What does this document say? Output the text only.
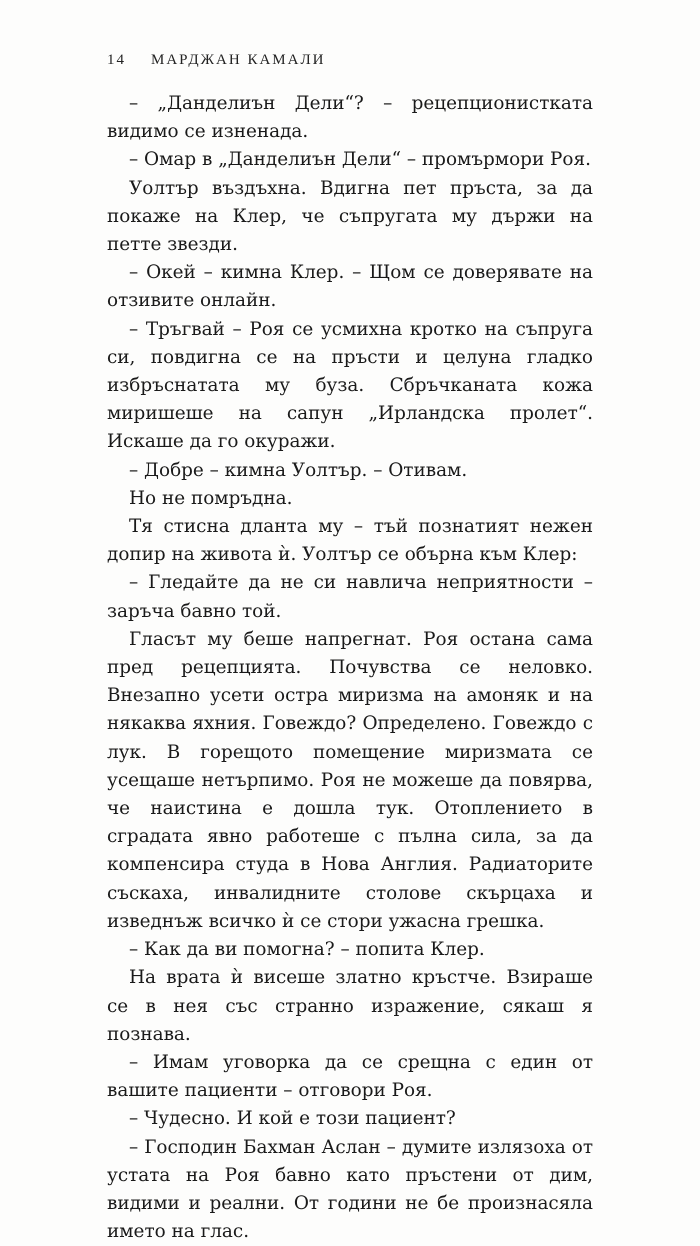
14 МАРДЖАН КАМАЛИ

– „Данделиън Дели“? – рецепционистката видимо се изненада.

– Омар в „Данделиън Дели“ – промърмори Роя.

Уолтър въздъхна. Вдигна пет пръста, за да покаже на Клер, че съпругата му държи на петте звезди.

– Окей – кимна Клер. – Щом се доверявате на отзивите онлайн.

– Тръгвай – Роя се усмихна кротко на съпруга си, повдигна се на пръсти и целуна гладко избръснатата му буза. Сбръчканата кожа миришеше на сапун „Ирландска пролет“. Искаше да го окуражи.

– Добре – кимна Уолтър. – Отивам.

Но не помръдна.

Тя стисна дланта му – тъй познатият нежен допир на живота ѝ. Уолтър се обърна към Клер:

– Гледайте да не си навлича неприятности – заръча бавно той.

Гласът му беше напрегнат. Роя остана сама пред рецепцията. Почувства се неловко. Внезапно усети остра миризма на амоняк и на някаква яхния. Говеждо? Определено. Говеждо с лук. В горещото помещение миризмата се усещаше нетърпимо. Роя не можеше да повярва, че наистина е дошла тук. Отоплението в сградата явно работеше с пълна сила, за да компенсира студа в Нова Англия. Радиаторите съскаха, инвалидните столове скърцаха и изведнъж всичко ѝ се стори ужасна грешка.

– Как да ви помогна? – попита Клер.

На врата ѝ висеше златно кръстче. Взираше се в нея със странно изражение, сякаш я познава.

– Имам уговорка да се срещна с един от вашите пациенти – отговори Роя.

– Чудесно. И кой е този пациент?

– Господин Бахман Аслан – думите излязоха от устата на Роя бавно като пръстени от дим, видими и реални. От години не бе произнасяла името на глас.
